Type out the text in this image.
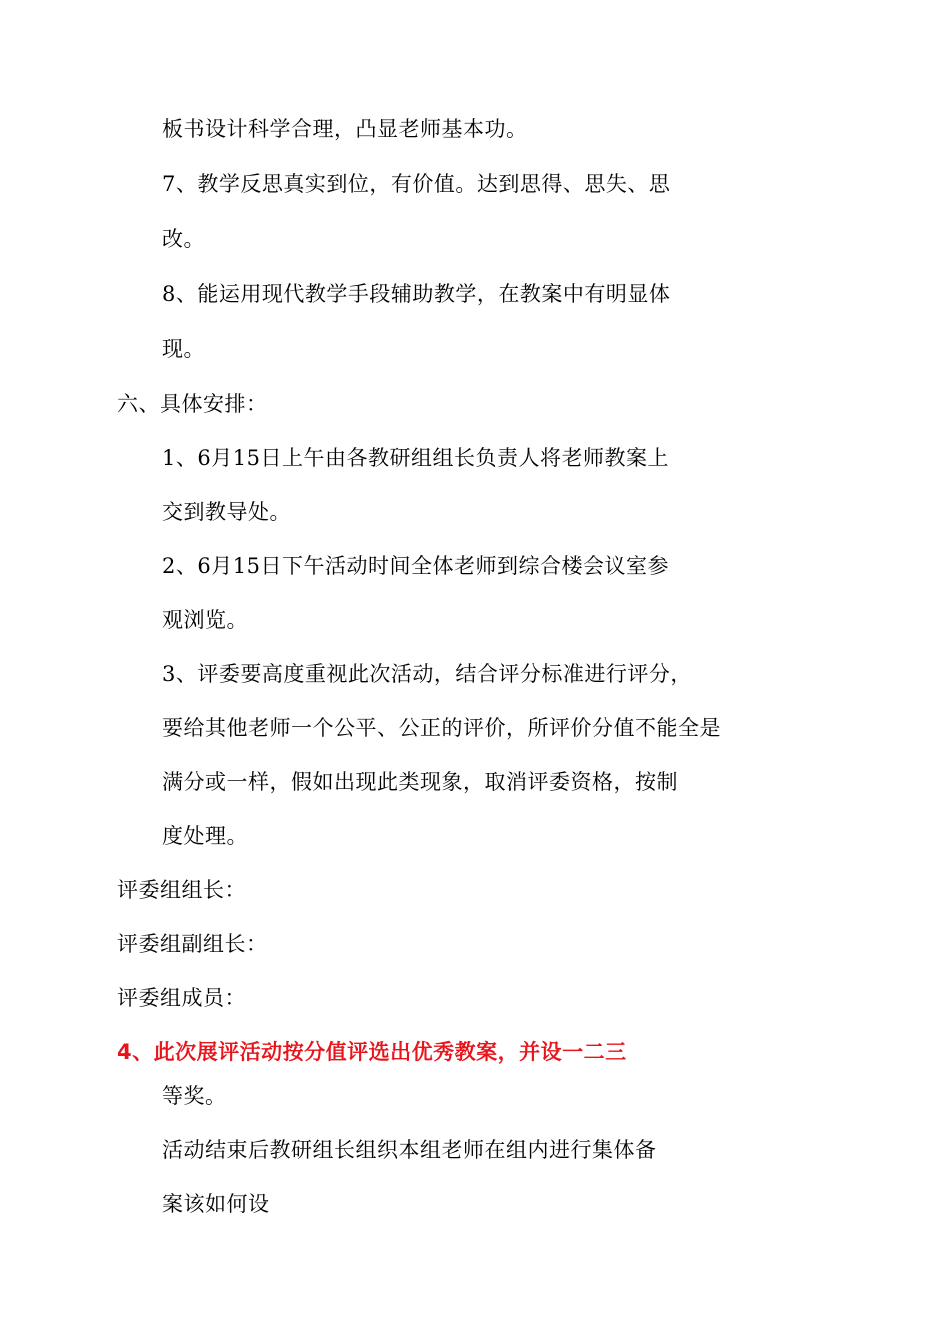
板书设计科学合理，凸显老师基本功。
7、教学反思真实到位，有价值。达到思得、思失、思
改。
8、能运用现代教学手段辅助教学，在教案中有明显体
现。
六、具体安排：
1、6月15日上午由各教研组组长负责人将老师教案上
交到教导处。
2、6月15日下午活动时间全体老师到综合楼会议室参
观浏览。
3、评委要高度重视此次活动，结合评分标准进行评分，
要给其他老师一个公平、公正的评价，所评价分值不能全是
满分或一样，假如出现此类现象，取消评委资格，按制
度处理。
评委组组长：
评委组副组长：
评委组成员：
4、此次展评活动按分值评选出优秀教案，并设一二三
等奖。
活动结束后教研组长组织本组老师在组内进行集体备
案该如何设
